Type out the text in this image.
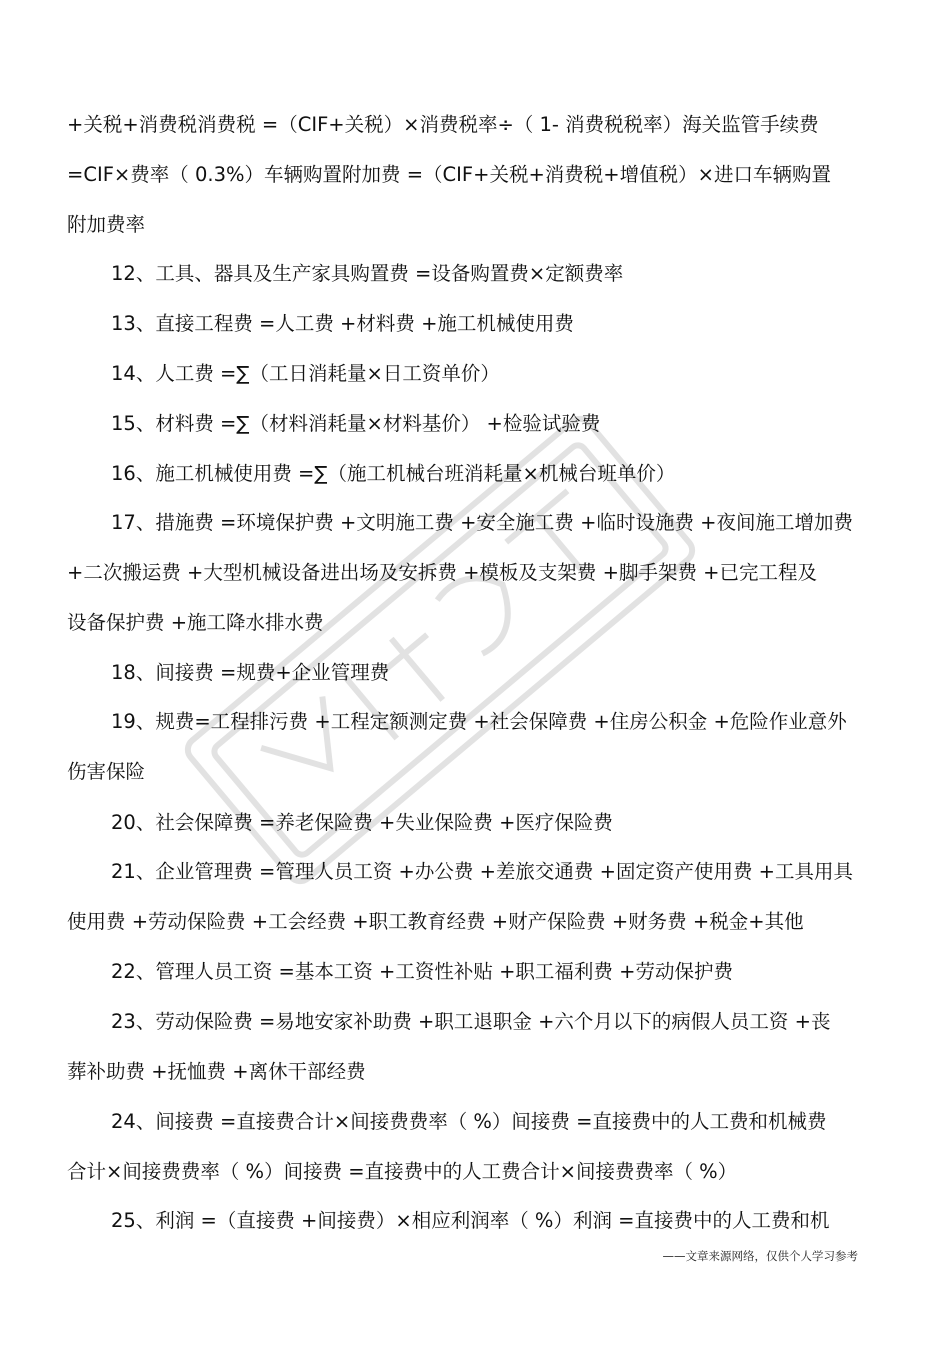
+关税+消费税消费税 =（CIF+关税）×消费税率÷（ 1- 消费税税率）海关监管手续费
=CIF×费率（ 0.3%）车辆购置附加费 =（CIF+关税+消费税+增值税）×进口车辆购置
附加费率
12、工具、器具及生产家具购置费 =设备购置费×定额费率
13、直接工程费 =人工费 +材料费 +施工机械使用费
14、人工费 =∑（工日消耗量×日工资单价）
15、材料费 =∑（材料消耗量×材料基价） +检验试验费
16、施工机械使用费 =∑（施工机械台班消耗量×机械台班单价）
17、措施费 =环境保护费 +文明施工费 +安全施工费 +临时设施费 +夜间施工增加费
+二次搬运费 +大型机械设备进出场及安拆费 +模板及支架费 +脚手架费 +已完工程及
设备保护费 +施工降水排水费
18、间接费 =规费+企业管理费
19、规费=工程排污费 +工程定额测定费 +社会保障费 +住房公积金 +危险作业意外
伤害保险
20、社会保障费 =养老保险费 +失业保险费 +医疗保险费
21、企业管理费 =管理人员工资 +办公费 +差旅交通费 +固定资产使用费 +工具用具
使用费 +劳动保险费 +工会经费 +职工教育经费 +财产保险费 +财务费 +税金+其他
22、管理人员工资 =基本工资 +工资性补贴 +职工福利费 +劳动保护费
23、劳动保险费 =易地安家补助费 +职工退职金 +六个月以下的病假人员工资 +丧
葬补助费 +抚恤费 +离休干部经费
24、间接费 =直接费合计×间接费费率（ %）间接费 =直接费中的人工费和机械费
合计×间接费费率（ %）间接费 =直接费中的人工费合计×间接费费率（ %）
25、利润 =（直接费 +间接费）×相应利润率（ %）利润 =直接费中的人工费和机
——文章来源网络，仅供个人学习参考
